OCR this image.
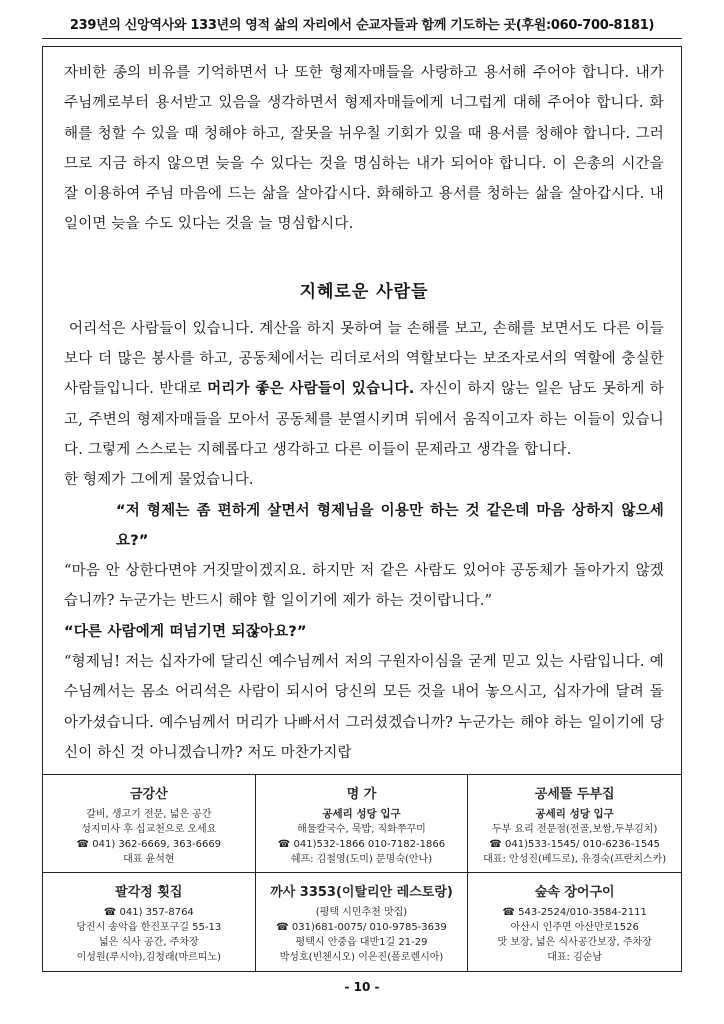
239년의 신앙역사와 133년의 영적 삶의 자리에서 순교자들과 함께 기도하는 곳(후원:060-700-8181)

자비한 종의 비유를 기억하면서 나 또한 형제자매들을 사랑하고 용서해 주어야 합니다. 내가 주님께로부터 용서받고 있음을 생각하면서 형제자매들에게 너그럽게 대해 주어야 합니다. 화해를 청할 수 있을 때 청해야 하고, 잘못을 뉘우칠 기회가 있을 때 용서를 청해야 합니다. 그러므로 지금 하지 않으면 늦을 수 있다는 것을 명심하는 내가 되어야 합니다. 이 은총의 시간을 잘 이용하여 주님 마음에 드는 삶을 살아갑시다. 화해하고 용서를 청하는 삶을 살아갑시다. 내일이면 늦을 수도 있다는 것을 늘 명심합시다.

지혜로운 사람들

어리석은 사람들이 있습니다. 계산을 하지 못하여 늘 손해를 보고, 손해를 보면서도 다른 이들보다 더 많은 봉사를 하고, 공동체에서는 리더로서의 역할보다는 보조자로서의 역할에 충실한 사람들입니다. 반대로 머리가 좋은 사람들이 있습니다. 자신이 하지 않는 일은 남도 못하게 하고, 주변의 형제자매들을 모아서 공동체를 분열시키며 뒤에서 움직이고자 하는 이들이 있습니다. 그렇게 스스로는 지혜롭다고 생각하고 다른 이들이 문제라고 생각을 합니다.

한 형제가 그에게 물었습니다.

“저 형제는 좀 편하게 살면서 형제님을 이용만 하는 것 같은데 마음 상하지 않으세요?”

“마음 안 상한다면야 거짓말이겠지요. 하지만 저 같은 사람도 있어야 공동체가 돌아가지 않겠습니까? 누군가는 반드시 해야 할 일이기에 제가 하는 것이랍니다.”

“다른 사람에게 떠넘기면 되잖아요?”

“형제님! 저는 십자가에 달리신 예수님께서 저의 구원자이심을 굳게 믿고 있는 사람입니다. 예수님께서는 몸소 어리석은 사람이 되시어 당신의 모든 것을 내어 놓으시고, 십자가에 달려 돌아가셨습니다. 예수님께서 머리가 나빠서서 그러셨겠습니까? 누군가는 해야 하는 일이기에 당신이 하신 것 아니겠습니까? 저도 마찬가지랍

금강산
갈비, 생고기 전문, 넓은 공간
성지미사 후 십교천으로 오세요
☎ 041) 362-6669, 363-6669
대표 윤석현
명 가
공세리 성당 입구
해물칼국수, 묵밥, 직화쭈꾸미
☎ 041)532-1866 010-7182-1866
쉐프: 김철영(도미) 문명숙(안나)
공세뜰 두부집
공세리 성당 입구
두부 요리 전문점(전골,보쌈,두부김치)
☎ 041)533-1545/ 010-6236-1545
대표: 안성진(베드로), 유경숙(프란치스카)
팔각정 횟집
☎ 041) 357-8764
당진시 송악읍 한진포구길 55-13
넓은 식사 공간, 주차장
이성원(루시아),김청래(마르띠노)
까사 3353(이탈리안 레스토랑)
(평택 시민추천 맛집)
☎ 031)681-0075/ 010-9785-3639
평택시 안중읍 대반1길 21-29
박성호(빈첸시오) 이은진(폴로렌시아)
숲속 장어구이
☎ 543-2524/010-3584-2111
아산시 인주면 아산만로1526
맛 보장, 넓은 식사공간보장, 주차장
대표: 김순남
- 10 -
